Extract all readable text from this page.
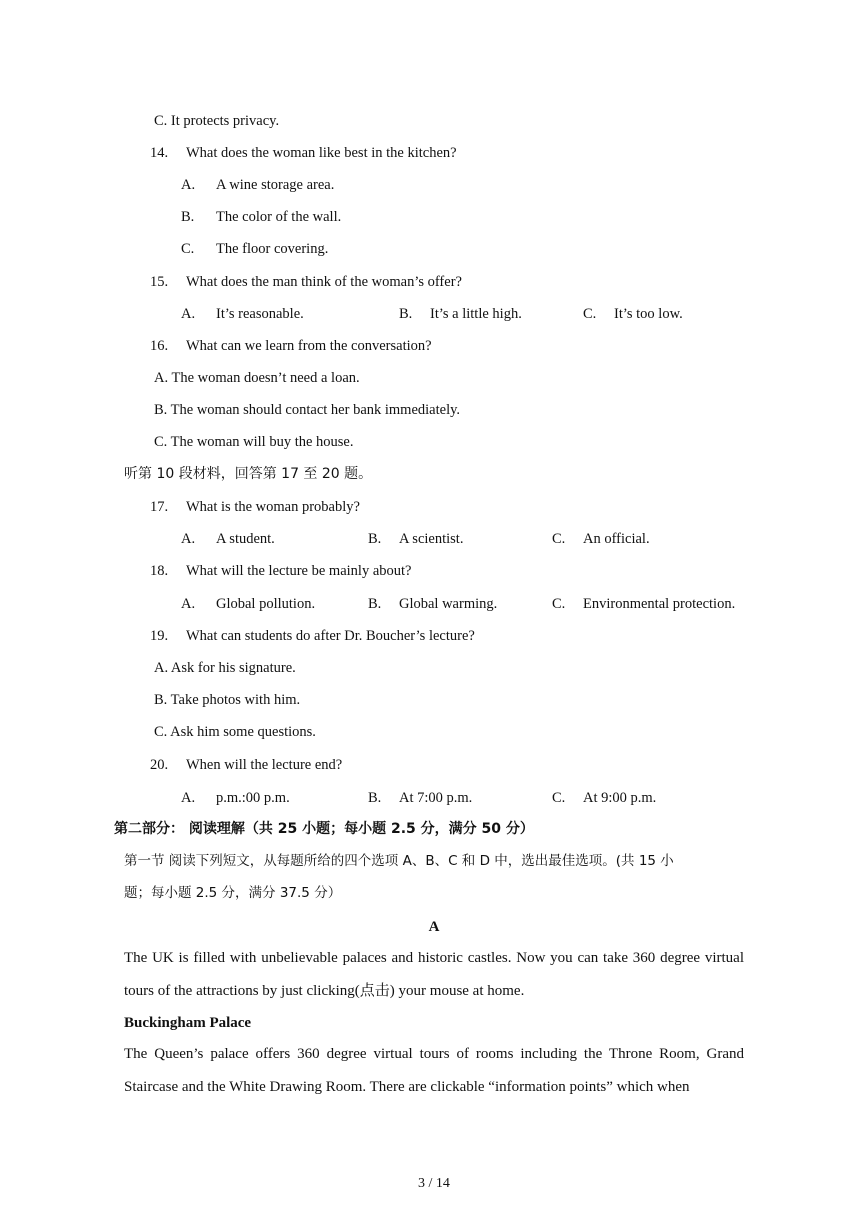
C. It protects privacy.
14. What does the woman like best in the kitchen?
A. A wine storage area.
B. The color of the wall.
C. The floor covering.
15. What does the man think of the woman’s offer?
A. It’s reasonable.	B. It’s a little high.	C. It’s too low.
16. What can we learn from the conversation?
A. The woman doesn’t need a loan.
B. The woman should contact her bank immediately.
C. The woman will buy the house.
听第 10 段材料，回答第 17 至 20 题。
17. What is the woman probably?
A. A student.	B. A scientist.	C. An official.
18. What will the lecture be mainly about?
A. Global pollution.	B. Global warming.	C. Environmental protection.
19. What can students do after Dr. Boucher’s lecture?
A. Ask for his signature.
B. Take photos with him.
C. Ask him some questions.
20. When will the lecture end?
A. p.m.:00 p.m.	B. At 7:00 p.m.	C. At 9:00 p.m.
第二部分： 阅读理解（共 25 小题；每小题 2.5 分，满分 50 分）
第一节 阅读下列短文，从每题所给的四个选项 A、B、C 和 D 中，选出最佳选项。(共 15 小
题；每小题 2.5 分，满分 37.5 分）
A

The UK is filled with unbelievable palaces and historic castles. Now you can take 360 degree virtual tours of the attractions by just clicking(点击) your mouse at home.

Buckingham Palace

The Queen’s palace offers 360 degree virtual tours of rooms including the Throne Room, Grand Staircase and the White Drawing Room. There are clickable “information points” which when

3 / 14
